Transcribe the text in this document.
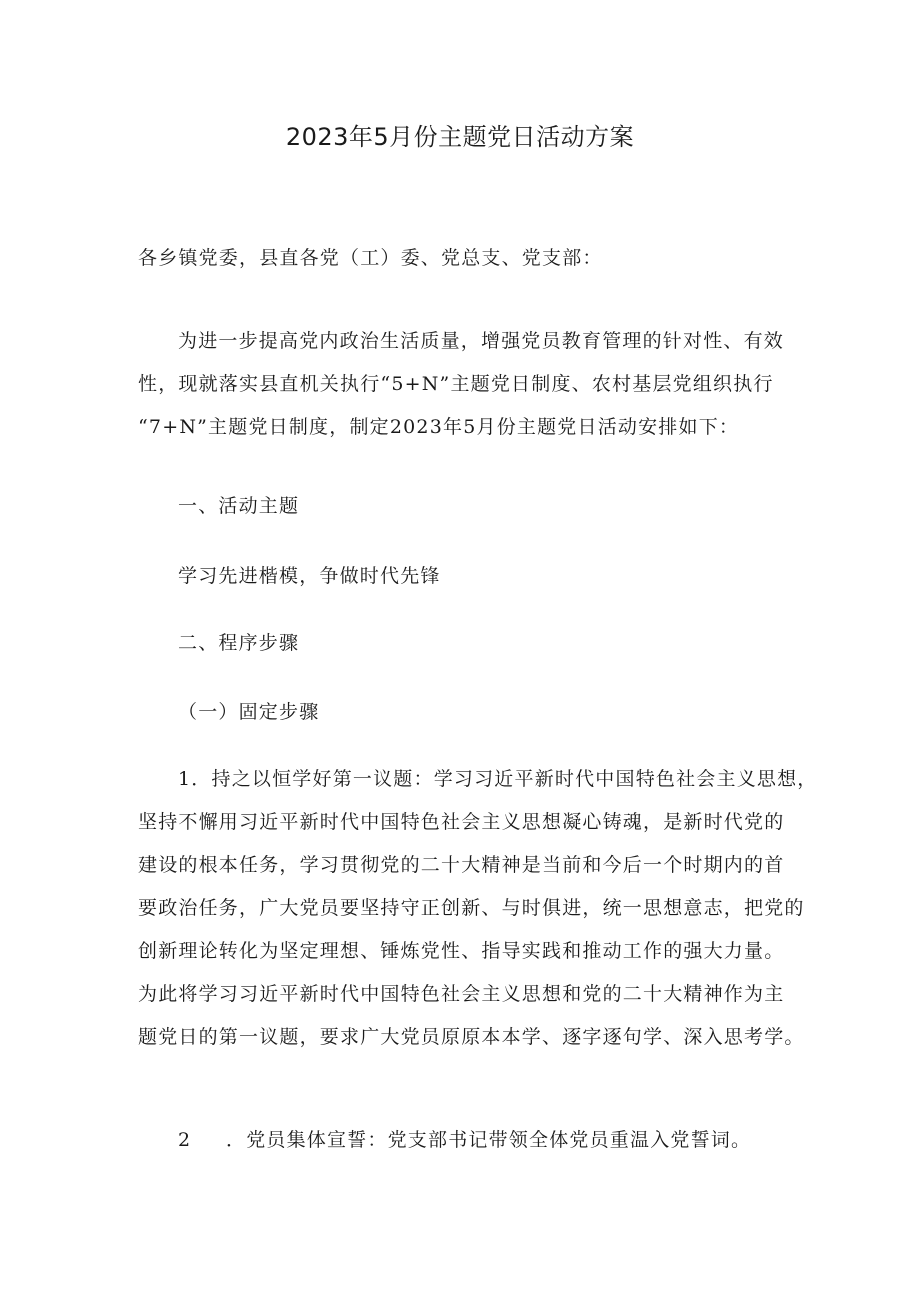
2023年5月份主题党日活动方案
各乡镇党委，县直各党（工）委、党总支、党支部：
为进一步提高党内政治生活质量，增强党员教育管理的针对性、有效
性，现就落实县直机关执行“5+N”主题党日制度、农村基层党组织执行
“7+N”主题党日制度，制定2023年5月份主题党日活动安排如下：
一、活动主题
学习先进楷模，争做时代先锋
二、程序步骤
（一）固定步骤
1．持之以恒学好第一议题：学习习近平新时代中国特色社会主义思想，
坚持不懈用习近平新时代中国特色社会主义思想凝心铸魂，是新时代党的
建设的根本任务，学习贯彻党的二十大精神是当前和今后一个时期内的首
要政治任务，广大党员要坚持守正创新、与时俱进，统一思想意志，把党的
创新理论转化为坚定理想、锤炼党性、指导实践和推动工作的强大力量。
为此将学习习近平新时代中国特色社会主义思想和党的二十大精神作为主
题党日的第一议题，要求广大党员原原本本学、逐字逐句学、深入思考学。
2 ．党员集体宣誓：党支部书记带领全体党员重温入党誓词。
